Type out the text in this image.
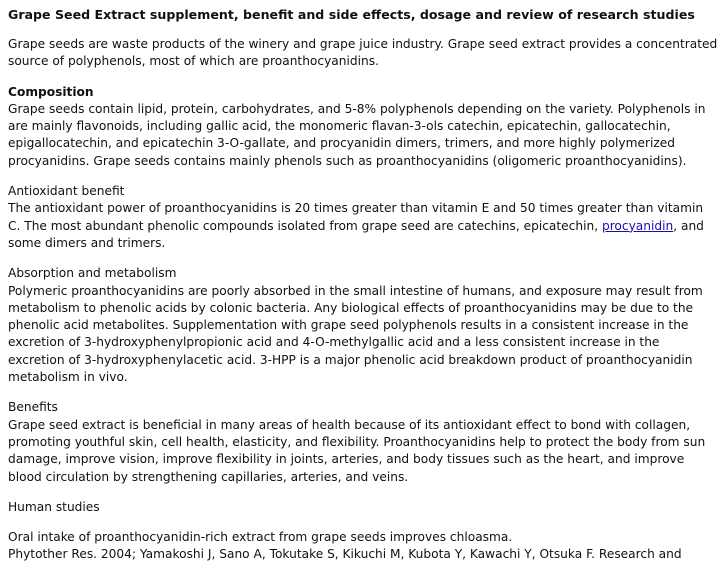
Grape Seed Extract supplement, benefit and side effects, dosage and review of research studies

Grape seeds are waste products of the winery and grape juice industry. Grape seed extract provides a concentrated source of polyphenols, most of which are proanthocyanidins.

Composition
Grape seeds contain lipid, protein, carbohydrates, and 5-8% polyphenols depending on the variety. Polyphenols in are mainly flavonoids, including gallic acid, the monomeric flavan-3-ols catechin, epicatechin, gallocatechin, epigallocatechin, and epicatechin 3-O-gallate, and procyanidin dimers, trimers, and more highly polymerized procyanidins. Grape seeds contains mainly phenols such as proanthocyanidins (oligomeric proanthocyanidins).

Antioxidant benefit
The antioxidant power of proanthocyanidins is 20 times greater than vitamin E and 50 times greater than vitamin C. The most abundant phenolic compounds isolated from grape seed are catechins, epicatechin, procyanidin, and some dimers and trimers.

Absorption and metabolism
Polymeric proanthocyanidins are poorly absorbed in the small intestine of humans, and exposure may result from metabolism to phenolic acids by colonic bacteria. Any biological effects of proanthocyanidins may be due to the phenolic acid metabolites. Supplementation with grape seed polyphenols results in a consistent increase in the excretion of 3-hydroxyphenylpropionic acid and 4-O-methylgallic acid and a less consistent increase in the excretion of 3-hydroxyphenylacetic acid. 3-HPP is a major phenolic acid breakdown product of proanthocyanidin metabolism in vivo.

Benefits
Grape seed extract is beneficial in many areas of health because of its antioxidant effect to bond with collagen, promoting youthful skin, cell health, elasticity, and flexibility. Proanthocyanidins help to protect the body from sun damage, improve vision, improve flexibility in joints, arteries, and body tissues such as the heart, and improve blood circulation by strengthening capillaries, arteries, and veins.

Human studies

Oral intake of proanthocyanidin-rich extract from grape seeds improves chloasma.
Phytother Res. 2004; Yamakoshi J, Sano A, Tokutake S, Kikuchi M, Kubota Y, Kawachi Y, Otsuka F. Research and
